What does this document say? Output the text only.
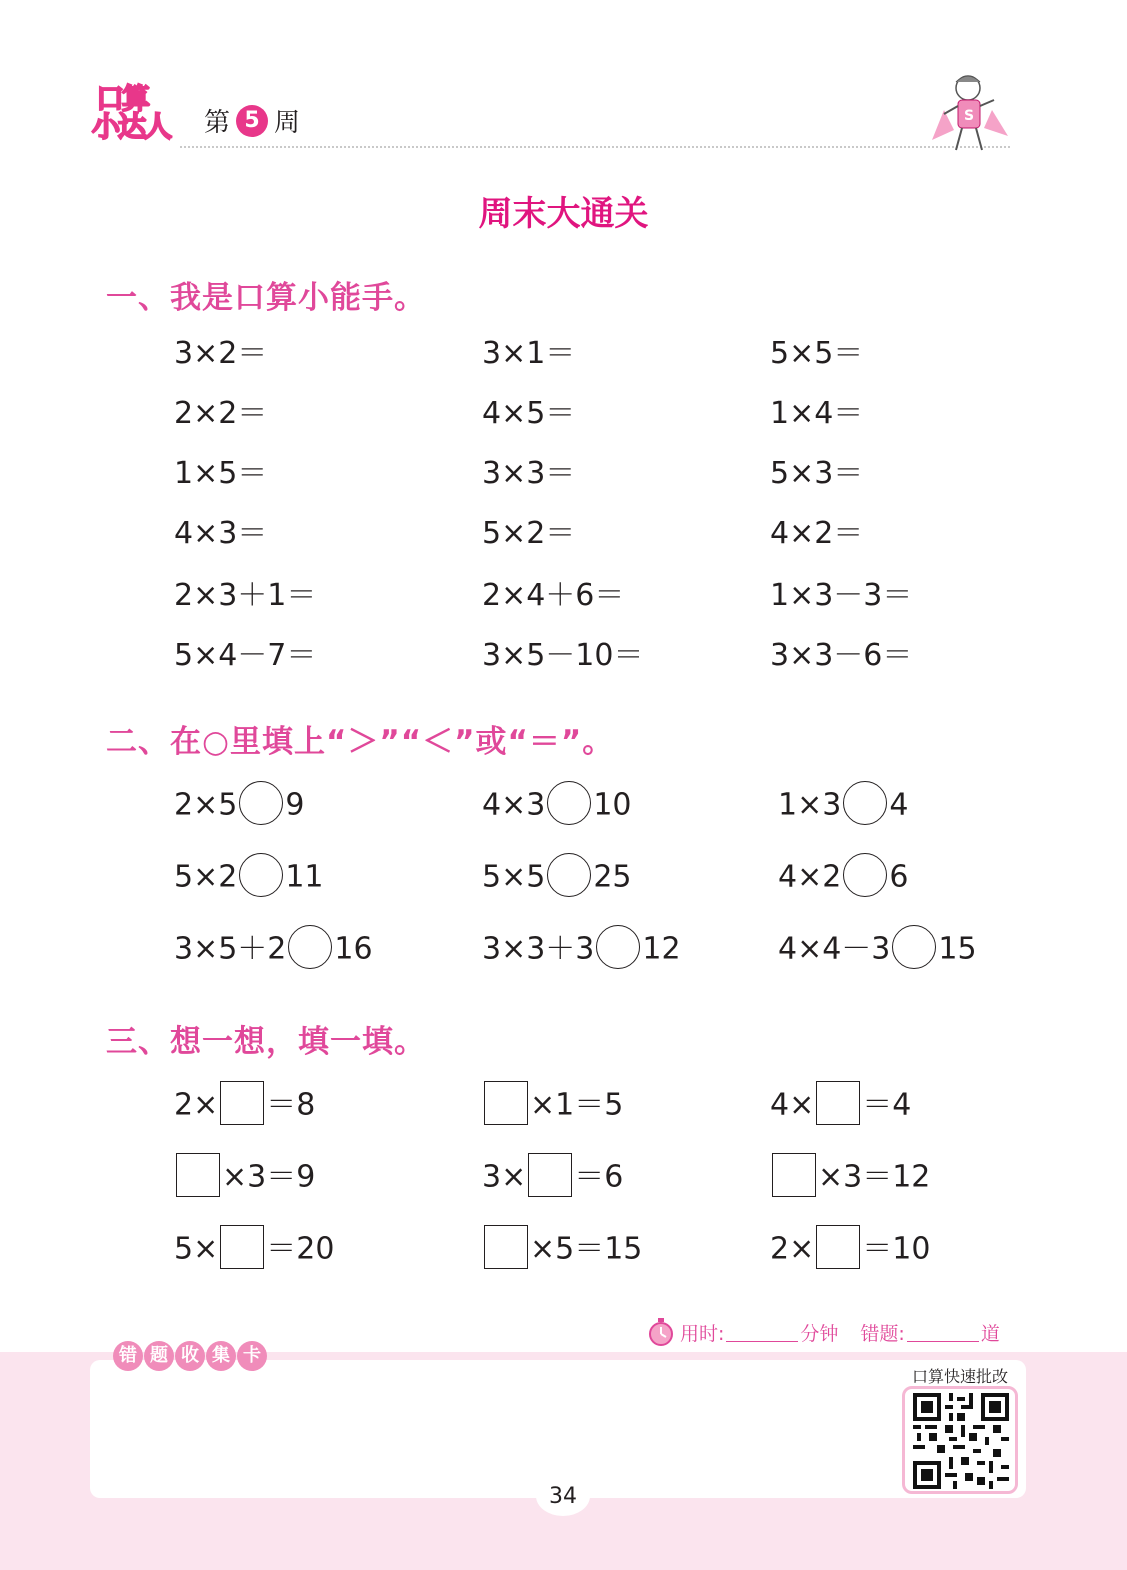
口算
小达人 第 5 周	S
周末大通关
一、我是口算小能手。
3×2＝	3×1＝	5×5＝
2×2＝	4×5＝	1×4＝
1×5＝	3×3＝	5×3＝
4×3＝	5×2＝	4×2＝
2×3＋1＝	2×4＋6＝	1×3－3＝
5×4－7＝	3×5－10＝	3×3－6＝
二、在○里填上“＞”“＜”或“＝”。
2×5 9	4×3 10	1×3 4
5×2 11	5×5 25	4×2 6
3×5＋2 16	3×3＋3 12	4×4－3 15
三、想一想，填一填。
2× ＝8	×1＝5	4× ＝4
×3＝9	3× ＝6	×3＝12
5× ＝20	×5＝15	2× ＝10
用时:	分钟 错题:	道
错 题 收 集 卡
口算快速批改
34
